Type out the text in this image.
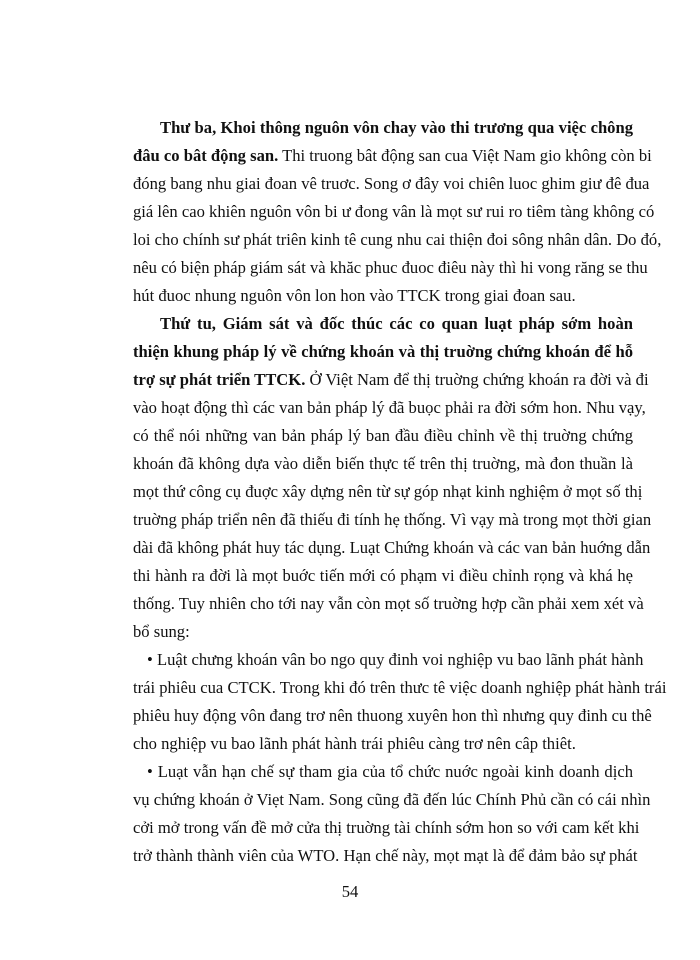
Thư ba, Khoi thông nguôn vôn chay vào thi trương qua việc chông
đâu co bât động san. Thi truong bât động san cua Việt Nam gio không còn bi
đóng bang nhu giai đoan vê truơc. Song ơ đây voi chiên luoc ghim giư đê đua
giá lên cao khiên nguôn vôn bi ư đong vân là mọt sư rui ro tiêm tàng không có
loi cho chính sư phát triên kinh tê cung nhu cai thiện đoi sông nhân dân. Do đó,
nêu có biện pháp giám sát và khăc phuc đuoc điêu này thì hi vong răng se thu
hút đuoc nhung nguôn vôn lon hon vào TTCK trong giai đoan sau.
Thứ tu, Giám sát và đốc thúc các co quan luạt pháp sớm hoàn
thiện khung pháp lý về chứng khoán và thị truờng chứng khoán để hỗ
trợ sự phát triển TTCK. Ở Việt Nam để thị truờng chứng khoán ra đời và đi
vào hoạt động thì các van bản pháp lý đã buọc phải ra đời sớm hon. Nhu vạy,
có thể nói những van bản pháp lý ban đầu điều chỉnh về thị truờng chứng
khoán đã không dựa vào diễn biến thực tế trên thị truờng, mà đon thuần là
mọt thứ công cụ đuợc xây dựng nên từ sự góp nhạt kinh nghiệm ở mọt số thị
truờng pháp triển nên đã thiếu đi tính hẹ thống. Vì vạy mà trong mọt thời gian
dài đã không phát huy tác dụng. Luạt Chứng khoán và các van bản huớng dẫn
thi hành ra đời là mọt buớc tiến mới có phạm vi điều chỉnh rọng và khá hẹ
thống. Tuy nhiên cho tới nay vẫn còn mọt số truờng hợp cần phải xem xét và
bổ sung:
• Luật chưng khoán vân bo ngo quy đinh voi nghiệp vu bao lãnh phát hành
trái phiêu cua CTCK. Trong khi đó trên thưc tê việc doanh nghiệp phát hành trái
phiêu huy động vôn đang trơ nên thuong xuyên hon thì nhưng quy đinh cu thê
cho nghiệp vu bao lãnh phát hành trái phiêu càng trơ nên câp thiêt.
• Luạt vẫn hạn chế sự tham gia của tổ chức nuớc ngoài kinh doanh dịch
vụ chứng khoán ở Viẹt Nam. Song cũng đã đến lúc Chính Phủ cần có cái nhìn
cởi mở trong vấn đề mở cửa thị truờng tài chính sớm hon so với cam kết khi
trở thành thành viên của WTO. Hạn chế này, mọt mạt là để đảm bảo sự phát
54
